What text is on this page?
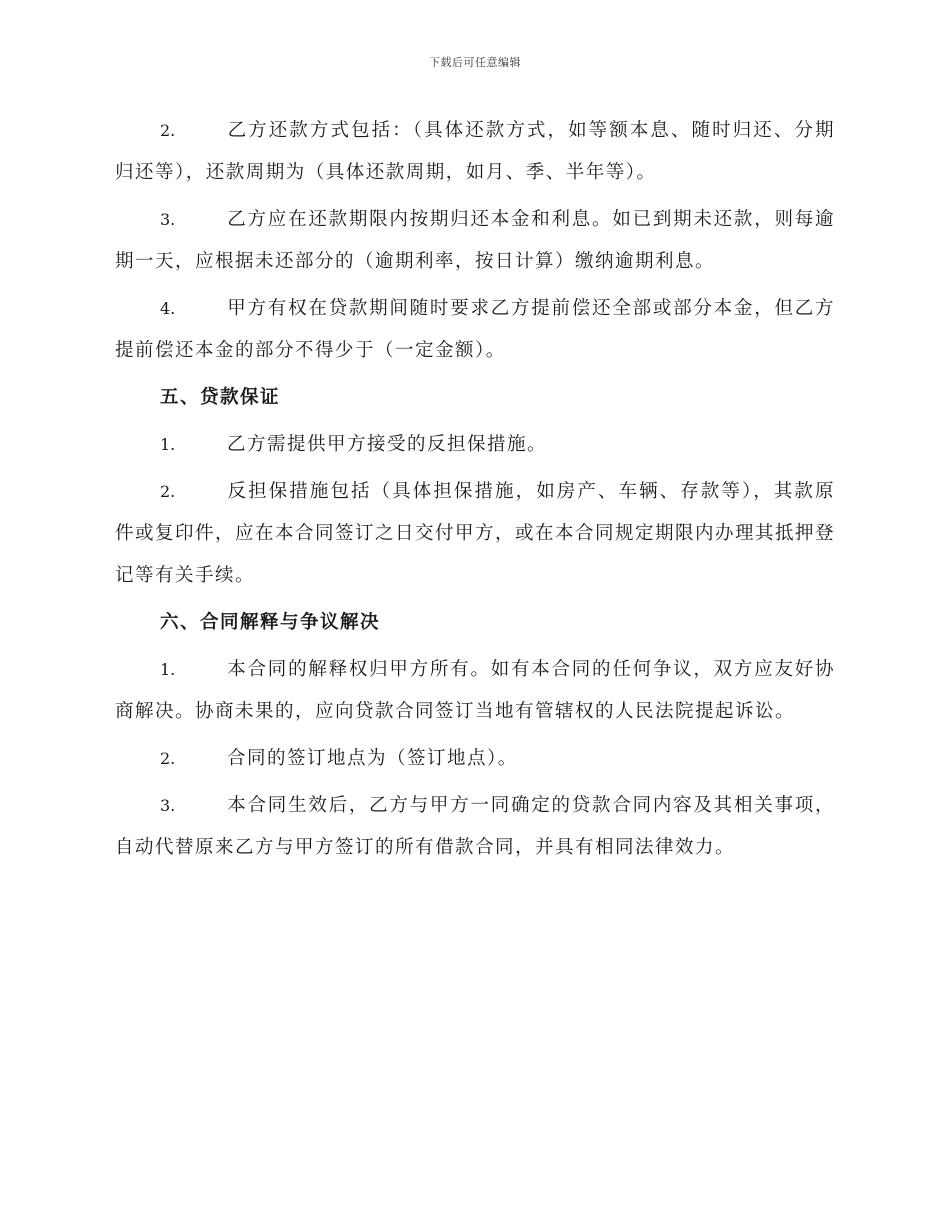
下载后可任意编辑

2.	乙方还款方式包括：（具体还款方式，如等额本息、随时归还、分期归还等），还款周期为（具体还款周期，如月、季、半年等）。

3.	乙方应在还款期限内按期归还本金和利息。如已到期未还款，则每逾期一天，应根据未还部分的（逾期利率，按日计算）缴纳逾期利息。

4.	甲方有权在贷款期间随时要求乙方提前偿还全部或部分本金，但乙方提前偿还本金的部分不得少于（一定金额）。

五、贷款保证

1.	乙方需提供甲方接受的反担保措施。

2.	反担保措施包括（具体担保措施，如房产、车辆、存款等），其款原件或复印件，应在本合同签订之日交付甲方，或在本合同规定期限内办理其抵押登记等有关手续。

六、合同解释与争议解决

1.	本合同的解释权归甲方所有。如有本合同的任何争议，双方应友好协商解决。协商未果的，应向贷款合同签订当地有管辖权的人民法院提起诉讼。

2.	合同的签订地点为（签订地点）。

3.	本合同生效后，乙方与甲方一同确定的贷款合同内容及其相关事项，自动代替原来乙方与甲方签订的所有借款合同，并具有相同法律效力。
